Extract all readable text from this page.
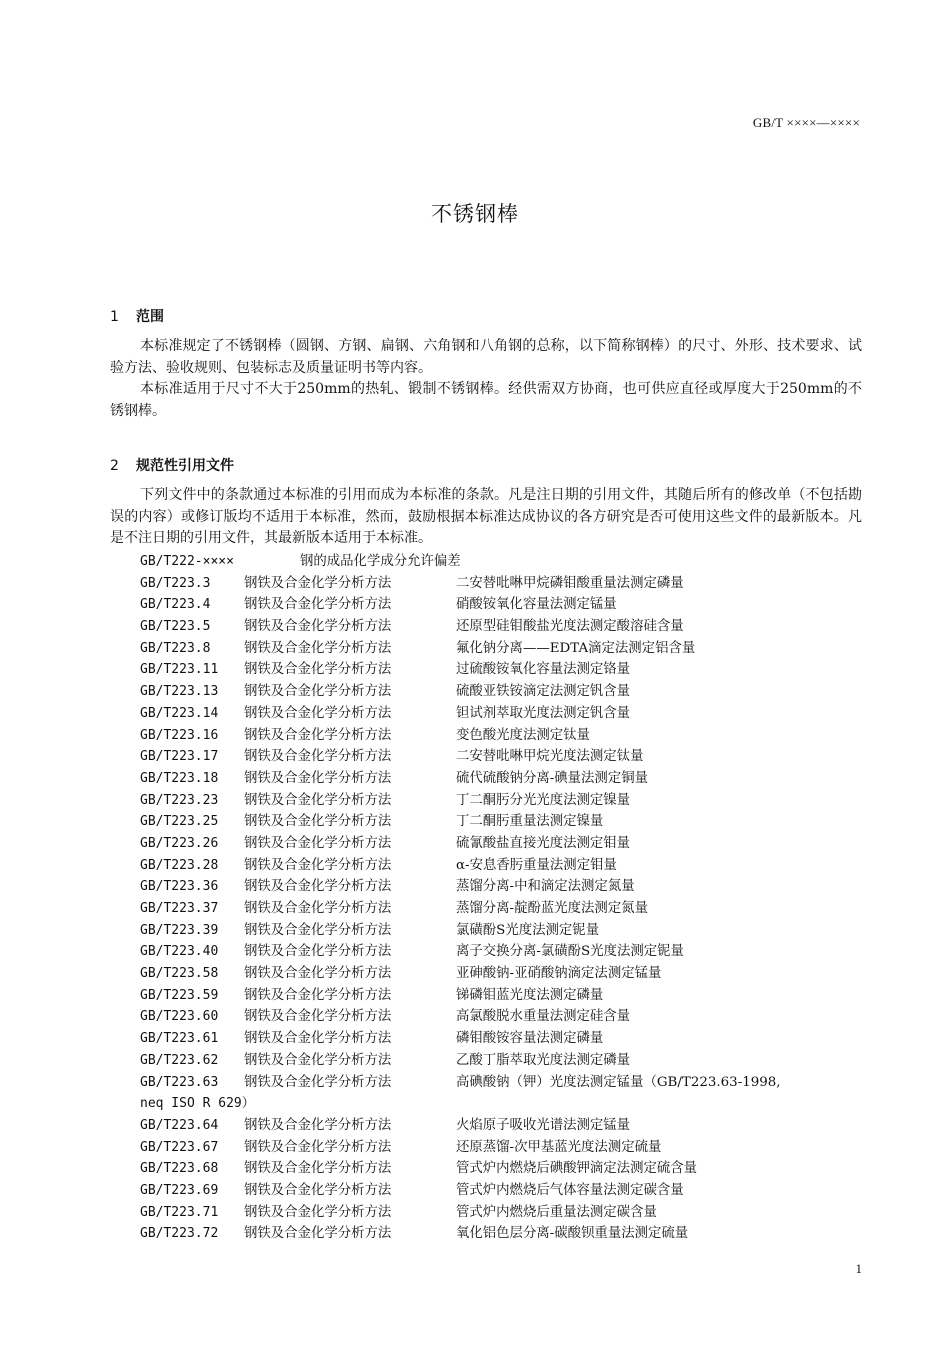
GB/T ××××—××××
不锈钢棒
1 范围
本标准规定了不锈钢棒（圆钢、方钢、扁钢、六角钢和八角钢的总称，以下简称钢棒）的尺寸、外形、技术要求、试验方法、验收规则、包装标志及质量证明书等内容。
本标准适用于尺寸不大于250mm的热轧、锻制不锈钢棒。经供需双方协商，也可供应直径或厚度大于250mm的不锈钢棒。
2 规范性引用文件
下列文件中的条款通过本标准的引用而成为本标准的条款。凡是注日期的引用文件，其随后所有的修改单（不包括勘误的内容）或修订版均不适用于本标准，然而，鼓励根据本标准达成协议的各方研究是否可使用这些文件的最新版本。凡是不注日期的引用文件，其最新版本适用于本标准。
GB/T222-××××	钢的成品化学成分允许偏差
GB/T223.3	钢铁及合金化学分析方法	二安替吡啉甲烷磷钼酸重量法测定磷量
GB/T223.4	钢铁及合金化学分析方法	硝酸铵氧化容量法测定锰量
GB/T223.5	钢铁及合金化学分析方法	还原型硅钼酸盐光度法测定酸溶硅含量
GB/T223.8	钢铁及合金化学分析方法	氟化钠分离——EDTA滴定法测定铝含量
GB/T223.11 钢铁及合金化学分析方法	过硫酸铵氧化容量法测定铬量
GB/T223.13 钢铁及合金化学分析方法	硫酸亚铁铵滴定法测定钒含量
GB/T223.14 钢铁及合金化学分析方法	钽试剂萃取光度法测定钒含量
GB/T223.16 钢铁及合金化学分析方法	变色酸光度法测定钛量
GB/T223.17 钢铁及合金化学分析方法	二安替吡啉甲烷光度法测定钛量
GB/T223.18 钢铁及合金化学分析方法	硫代硫酸钠分离-碘量法测定铜量
GB/T223.23 钢铁及合金化学分析方法	丁二酮肟分光光度法测定镍量
GB/T223.25 钢铁及合金化学分析方法	丁二酮肟重量法测定镍量
GB/T223.26 钢铁及合金化学分析方法	硫氰酸盐直接光度法测定钼量
GB/T223.28 钢铁及合金化学分析方法	α-安息香肟重量法测定钼量
GB/T223.36 钢铁及合金化学分析方法	蒸馏分离-中和滴定法测定氮量
GB/T223.37 钢铁及合金化学分析方法	蒸馏分离-靛酚蓝光度法测定氮量
GB/T223.39 钢铁及合金化学分析方法	氯磺酚S光度法测定铌量
GB/T223.40 钢铁及合金化学分析方法	离子交换分离-氯磺酚S光度法测定铌量
GB/T223.58 钢铁及合金化学分析方法	亚砷酸钠-亚硝酸钠滴定法测定锰量
GB/T223.59 钢铁及合金化学分析方法	锑磷钼蓝光度法测定磷量
GB/T223.60 钢铁及合金化学分析方法	高氯酸脱水重量法测定硅含量
GB/T223.61 钢铁及合金化学分析方法	磷钼酸铵容量法测定磷量
GB/T223.62 钢铁及合金化学分析方法	乙酸丁脂萃取光度法测定磷量
GB/T223.63 钢铁及合金化学分析方法	高碘酸钠（钾）光度法测定锰量（GB/T223.63-1998,
neq ISO R 629）
GB/T223.64 钢铁及合金化学分析方法	火焰原子吸收光谱法测定锰量
GB/T223.67 钢铁及合金化学分析方法	还原蒸馏-次甲基蓝光度法测定硫量
GB/T223.68 钢铁及合金化学分析方法	管式炉内燃烧后碘酸钾滴定法测定硫含量
GB/T223.69 钢铁及合金化学分析方法	管式炉内燃烧后气体容量法测定碳含量
GB/T223.71 钢铁及合金化学分析方法	管式炉内燃烧后重量法测定碳含量
GB/T223.72 钢铁及合金化学分析方法	氧化铝色层分离-碳酸钡重量法测定硫量
1
